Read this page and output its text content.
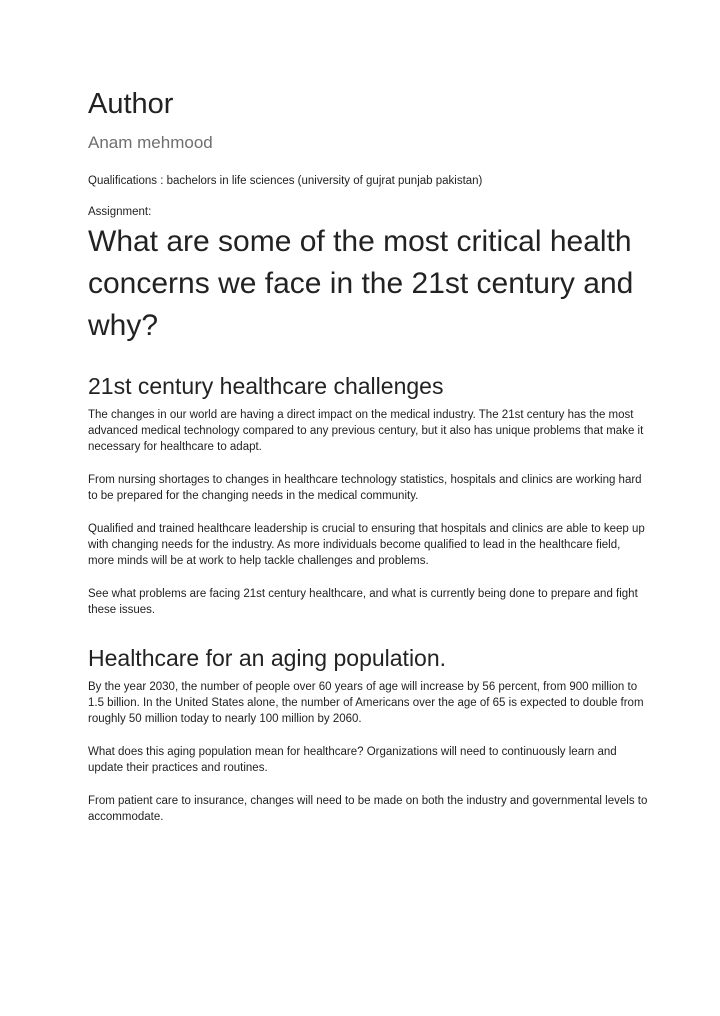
Author

Anam mehmood

Qualifications : bachelors in life sciences (university of gujrat punjab pakistan)

Assignment:

What are some of the most critical health concerns we face in the 21st century and why?
21st century healthcare challenges

The changes in our world are having a direct impact on the medical industry. The 21st century has the most advanced medical technology compared to any previous century, but it also has unique problems that make it necessary for healthcare to adapt.

From nursing shortages to changes in healthcare technology statistics, hospitals and clinics are working hard to be prepared for the changing needs in the medical community.

Qualified and trained healthcare leadership is crucial to ensuring that hospitals and clinics are able to keep up with changing needs for the industry. As more individuals become qualified to lead in the healthcare field, more minds will be at work to help tackle challenges and problems.

See what problems are facing 21st century healthcare, and what is currently being done to prepare and fight these issues.

Healthcare for an aging population.

By the year 2030, the number of people over 60 years of age will increase by 56 percent, from 900 million to 1.5 billion. In the United States alone, the number of Americans over the age of 65 is expected to double from roughly 50 million today to nearly 100 million by 2060.

What does this aging population mean for healthcare? Organizations will need to continuously learn and update their practices and routines.

From patient care to insurance, changes will need to be made on both the industry and governmental levels to accommodate.
